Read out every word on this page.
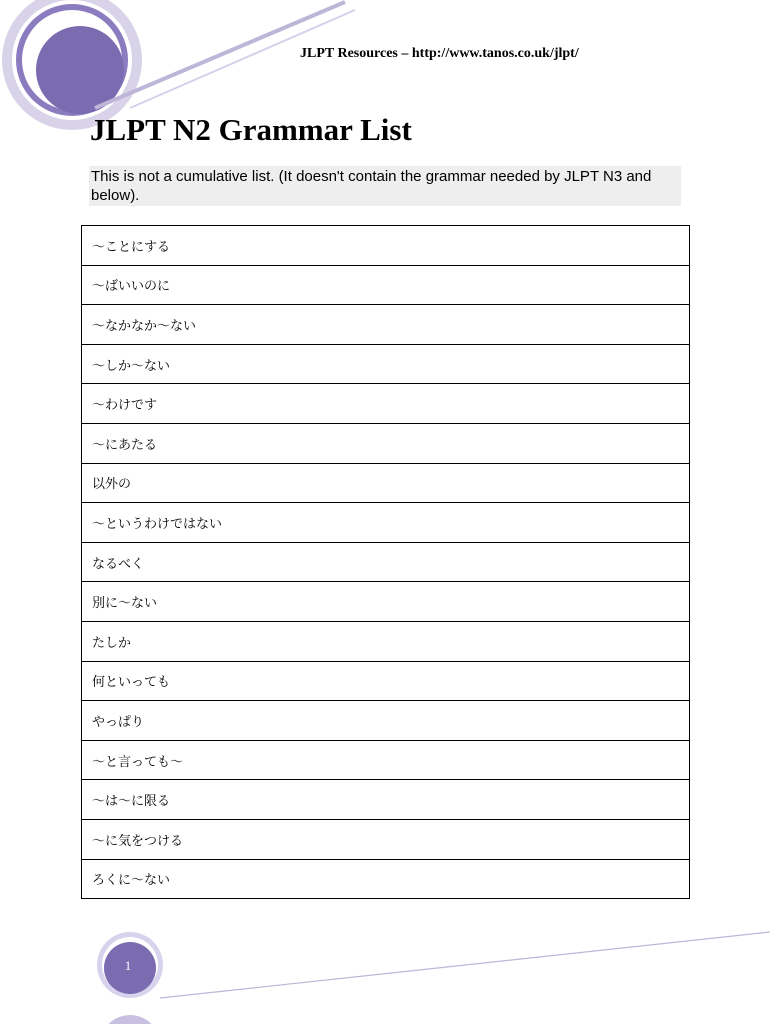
JLPT Resources – http://www.tanos.co.uk/jlpt/
JLPT N2 Grammar List
This is not a cumulative list. (It doesn't contain the grammar needed by JLPT N3 and below).
～ことにする
～ばいいのに
～なかなか～ない
～しか～ない
～わけです
～にあたる
以外の
～というわけではない
なるべく
別に～ない
たしか
何といっても
やっぱり
～と言っても～
～は～に限る
～に気をつける
ろくに～ない
1
